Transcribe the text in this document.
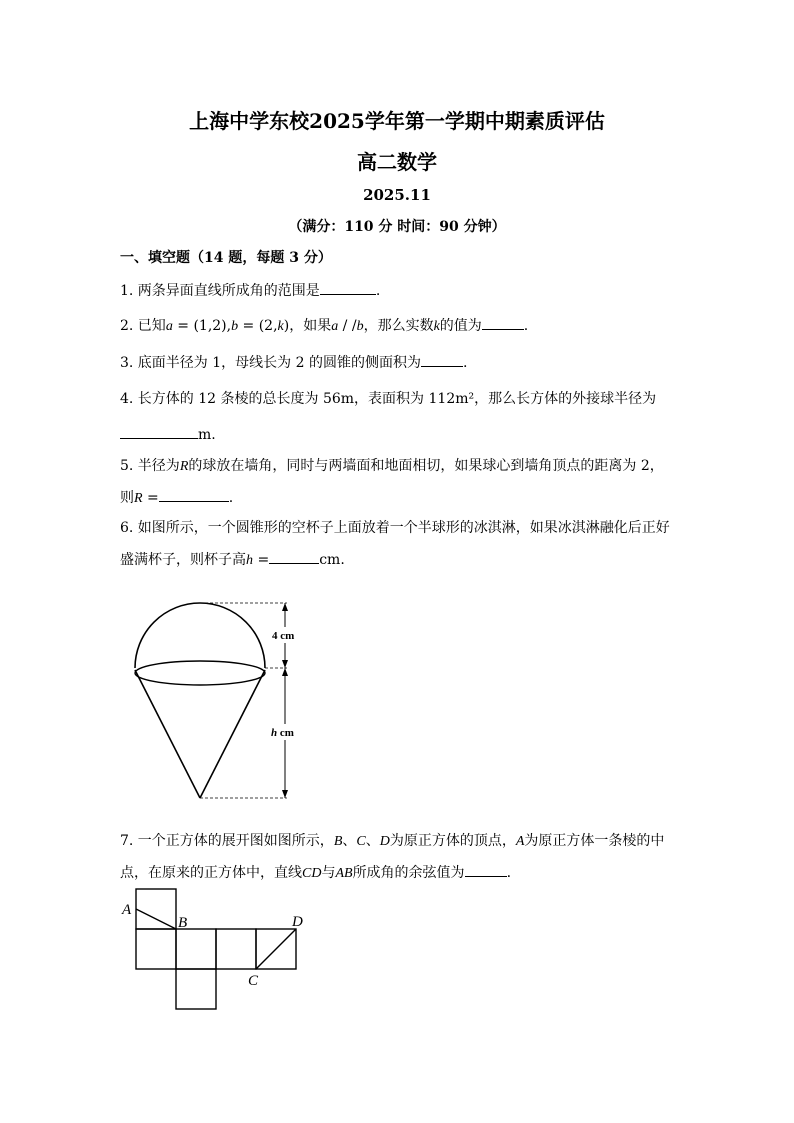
上海中学东校2025学年第一学期中期素质评估
高二数学
2025.11
（满分：110 分 时间：90 分钟）
一、填空题（14 题，每题 3 分）
1. 两条异面直线所成角的范围是	.
2. 已知a = (1,2),b = (2,k)，如果a / /b，那么实数k的值为	.
3. 底面半径为 1，母线长为 2 的圆锥的侧面积为	.
4. 长方体的 12 条棱的总长度为 56m，表面积为 112m²，那么长方体的外接球半径为
m.
5. 半径为R的球放在墙角，同时与两墙面和地面相切，如果球心到墙角顶点的距离为 2，
则R =	.
6. 如图所示，一个圆锥形的空杯子上面放着一个半球形的冰淇淋，如果冰淇淋融化后正好
盛满杯子，则杯子高h =	cm.
4 cm
h cm
7. 一个正方体的展开图如图所示，B、C、D为原正方体的顶点，A为原正方体一条棱的中
点，在原来的正方体中，直线CD与AB所成角的余弦值为	.
A
B
C
D
